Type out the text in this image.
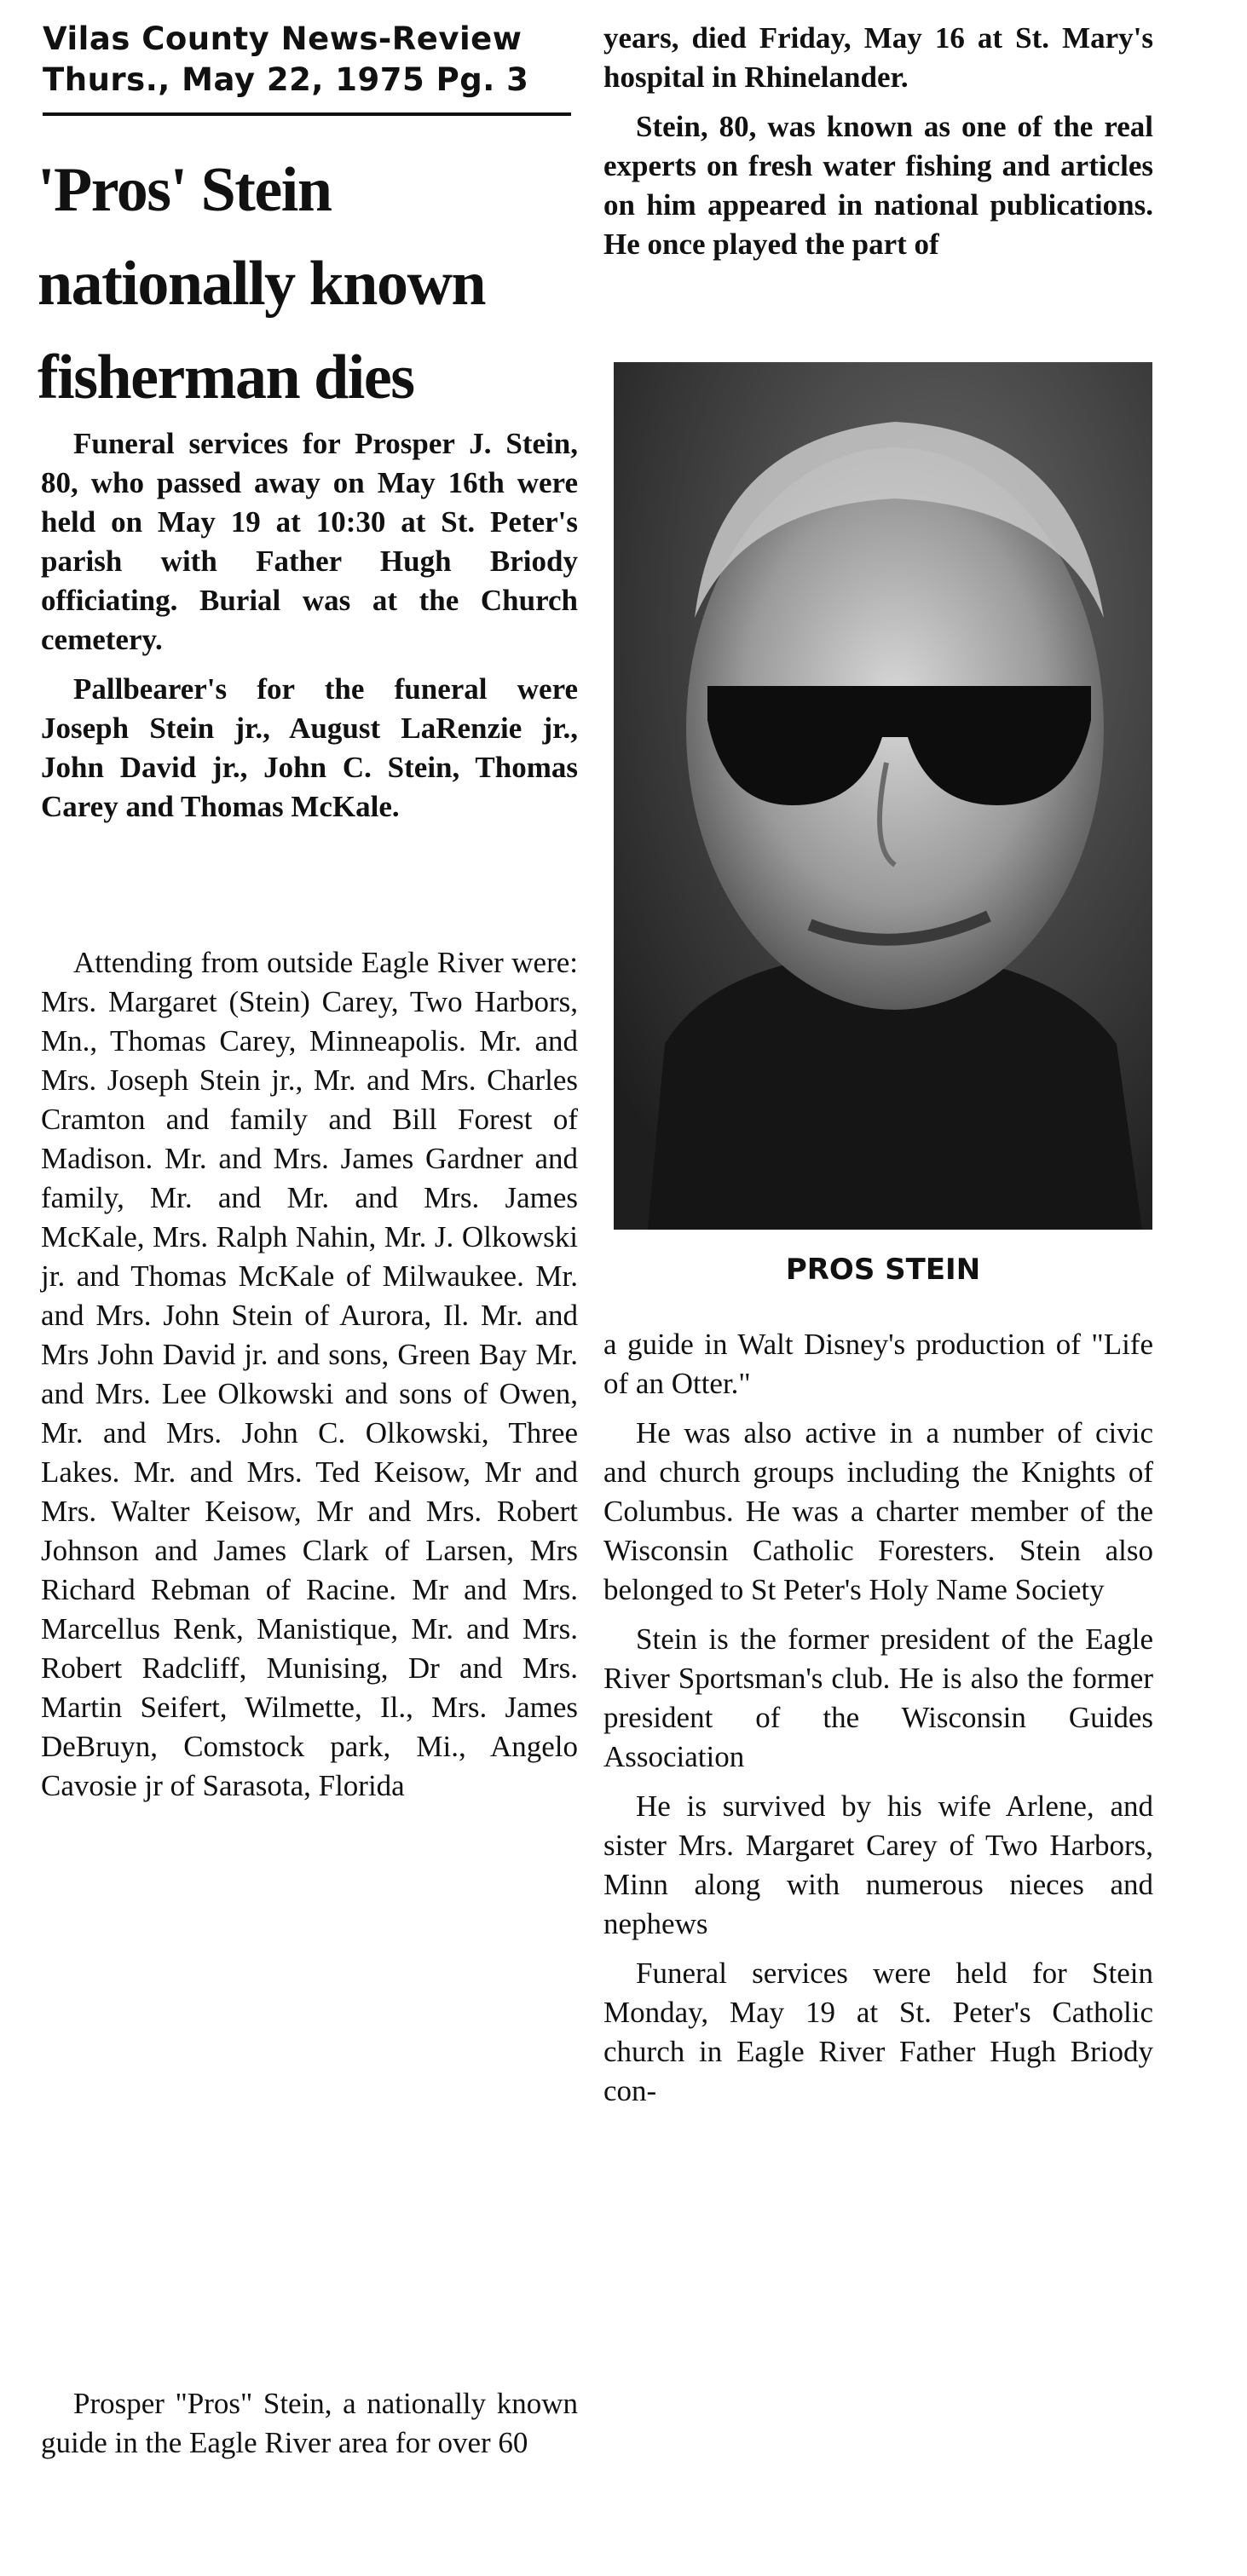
Vilas County News-Review
Thurs., May 22, 1975 Pg. 3
'Pros' Stein nationally known fisherman dies

Funeral services for Prosper J. Stein, 80, who passed away on May 16th were held on May 19 at 10:30 at St. Peter's parish with Father Hugh Briody officiating. Burial was at the Church cemetery.

Pallbearer's for the funeral were Joseph Stein jr., August LaRenzie jr., John David jr., John C. Stein, Thomas Carey and Thomas McKale.

Attending from outside Eagle River were: Mrs. Margaret (Stein) Carey, Two Harbors, Mn., Thomas Carey, Minneapolis. Mr. and Mrs. Joseph Stein jr., Mr. and Mrs. Charles Cramton and family and Bill Forest of Madison. Mr. and Mrs. James Gardner and family, Mr. and Mr. and Mrs. James McKale, Mrs. Ralph Nahin, Mr. J. Olkowski jr. and Thomas McKale of Milwaukee. Mr. and Mrs. John Stein of Aurora, Il. Mr. and Mrs John David jr. and sons, Green Bay Mr. and Mrs. Lee Olkowski and sons of Owen, Mr. and Mrs. John C. Olkowski, Three Lakes. Mr. and Mrs. Ted Keisow, Mr and Mrs. Walter Keisow, Mr and Mrs. Robert Johnson and James Clark of Larsen, Mrs Richard Rebman of Racine. Mr and Mrs. Marcellus Renk, Manistique, Mr. and Mrs. Robert Radcliff, Munising, Dr and Mrs. Martin Seifert, Wilmette, Il., Mrs. James DeBruyn, Comstock park, Mi., Angelo Cavosie jr of Sarasota, Florida

Prosper "Pros" Stein, a nationally known guide in the Eagle River area for over 60

years, died Friday, May 16 at St. Mary's hospital in Rhinelander.

Stein, 80, was known as one of the real experts on fresh water fishing and articles on him appeared in national publications. He once played the part of

PROS STEIN

a guide in Walt Disney's production of "Life of an Otter."

He was also active in a number of civic and church groups including the Knights of Columbus. He was a charter member of the Wisconsin Catholic Foresters. Stein also belonged to St Peter's Holy Name Society

Stein is the former president of the Eagle River Sportsman's club. He is also the former president of the Wisconsin Guides Association

He is survived by his wife Arlene, and sister Mrs. Margaret Carey of Two Harbors, Minn along with numerous nieces and nephews

Funeral services were held for Stein Monday, May 19 at St. Peter's Catholic church in Eagle River Father Hugh Briody con-
